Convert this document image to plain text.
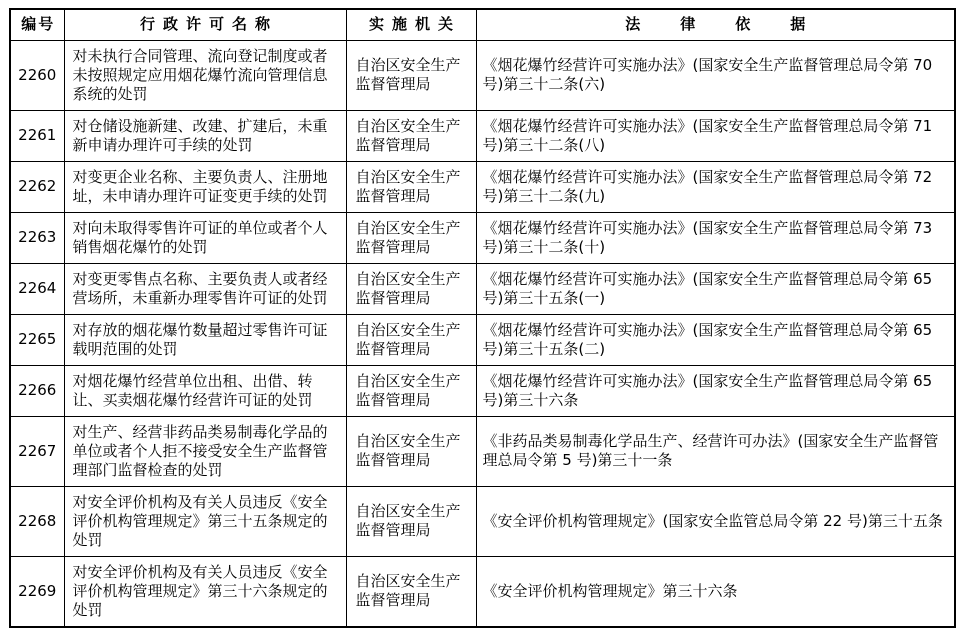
编号	行政许可名称	实施机关	法律依据
2260	对未执行合同管理、流向登记制度或者未按照规定应用烟花爆竹流向管理信息系统的处罚	自治区安全生产监督管理局	《烟花爆竹经营许可实施办法》(国家安全生产监督管理总局令第 70 号)第三十二条(六)
2261	对仓储设施新建、改建、扩建后，未重新申请办理许可手续的处罚	自治区安全生产监督管理局	《烟花爆竹经营许可实施办法》(国家安全生产监督管理总局令第 71 号)第三十二条(八)
2262	对变更企业名称、主要负责人、注册地址，未申请办理许可证变更手续的处罚	自治区安全生产监督管理局	《烟花爆竹经营许可实施办法》(国家安全生产监督管理总局令第 72 号)第三十二条(九)
2263	对向未取得零售许可证的单位或者个人销售烟花爆竹的处罚	自治区安全生产监督管理局	《烟花爆竹经营许可实施办法》(国家安全生产监督管理总局令第 73 号)第三十二条(十)
2264	对变更零售点名称、主要负责人或者经营场所，未重新办理零售许可证的处罚	自治区安全生产监督管理局	《烟花爆竹经营许可实施办法》(国家安全生产监督管理总局令第 65 号)第三十五条(一)
2265	对存放的烟花爆竹数量超过零售许可证载明范围的处罚	自治区安全生产监督管理局	《烟花爆竹经营许可实施办法》(国家安全生产监督管理总局令第 65 号)第三十五条(二)
2266	对烟花爆竹经营单位出租、出借、转让、买卖烟花爆竹经营许可证的处罚	自治区安全生产监督管理局	《烟花爆竹经营许可实施办法》(国家安全生产监督管理总局令第 65 号)第三十六条
2267	对生产、经营非药品类易制毒化学品的单位或者个人拒不接受安全生产监督管理部门监督检查的处罚	自治区安全生产监督管理局	《非药品类易制毒化学品生产、经营许可办法》(国家安全生产监督管理总局令第 5 号)第三十一条
2268	对安全评价机构及有关人员违反《安全评价机构管理规定》第三十五条规定的处罚	自治区安全生产监督管理局	《安全评价机构管理规定》(国家安全监管总局令第 22 号)第三十五条
2269	对安全评价机构及有关人员违反《安全评价机构管理规定》第三十六条规定的处罚	自治区安全生产监督管理局	《安全评价机构管理规定》第三十六条
